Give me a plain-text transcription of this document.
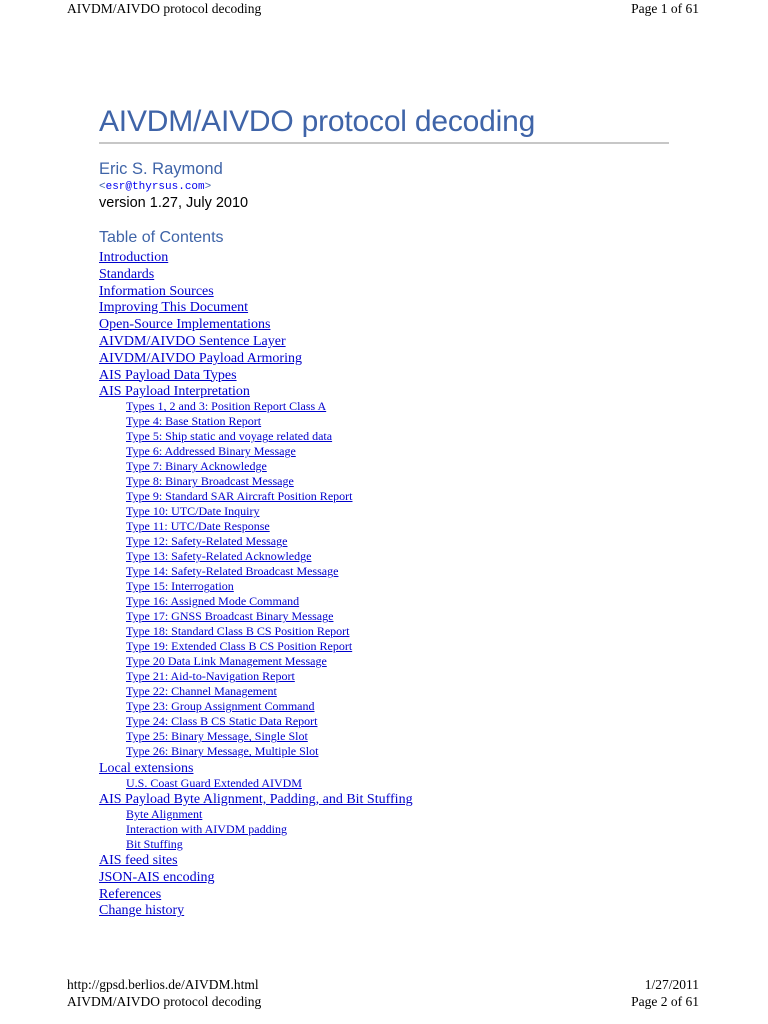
AIVDM/AIVDO protocol decoding	Page 1 of 61
AIVDM/AIVDO protocol decoding
Eric S. Raymond
<esr@thyrsus.com>
version 1.27, July 2010
Table of Contents
Introduction
Standards
Information Sources
Improving This Document
Open-Source Implementations
AIVDM/AIVDO Sentence Layer
AIVDM/AIVDO Payload Armoring
AIS Payload Data Types
AIS Payload Interpretation
Types 1, 2 and 3: Position Report Class A
Type 4: Base Station Report
Type 5: Ship static and voyage related data
Type 6: Addressed Binary Message
Type 7: Binary Acknowledge
Type 8: Binary Broadcast Message
Type 9: Standard SAR Aircraft Position Report
Type 10: UTC/Date Inquiry
Type 11: UTC/Date Response
Type 12: Safety-Related Message
Type 13: Safety-Related Acknowledge
Type 14: Safety-Related Broadcast Message
Type 15: Interrogation
Type 16: Assigned Mode Command
Type 17: GNSS Broadcast Binary Message
Type 18: Standard Class B CS Position Report
Type 19: Extended Class B CS Position Report
Type 20 Data Link Management Message
Type 21: Aid-to-Navigation Report
Type 22: Channel Management
Type 23: Group Assignment Command
Type 24: Class B CS Static Data Report
Type 25: Binary Message, Single Slot
Type 26: Binary Message, Multiple Slot
Local extensions
U.S. Coast Guard Extended AIVDM
AIS Payload Byte Alignment, Padding, and Bit Stuffing
Byte Alignment
Interaction with AIVDM padding
Bit Stuffing
AIS feed sites
JSON-AIS encoding
References
Change history
http://gpsd.berlios.de/AIVDM.html	1/27/2011
AIVDM/AIVDO protocol decoding	Page 2 of 61
